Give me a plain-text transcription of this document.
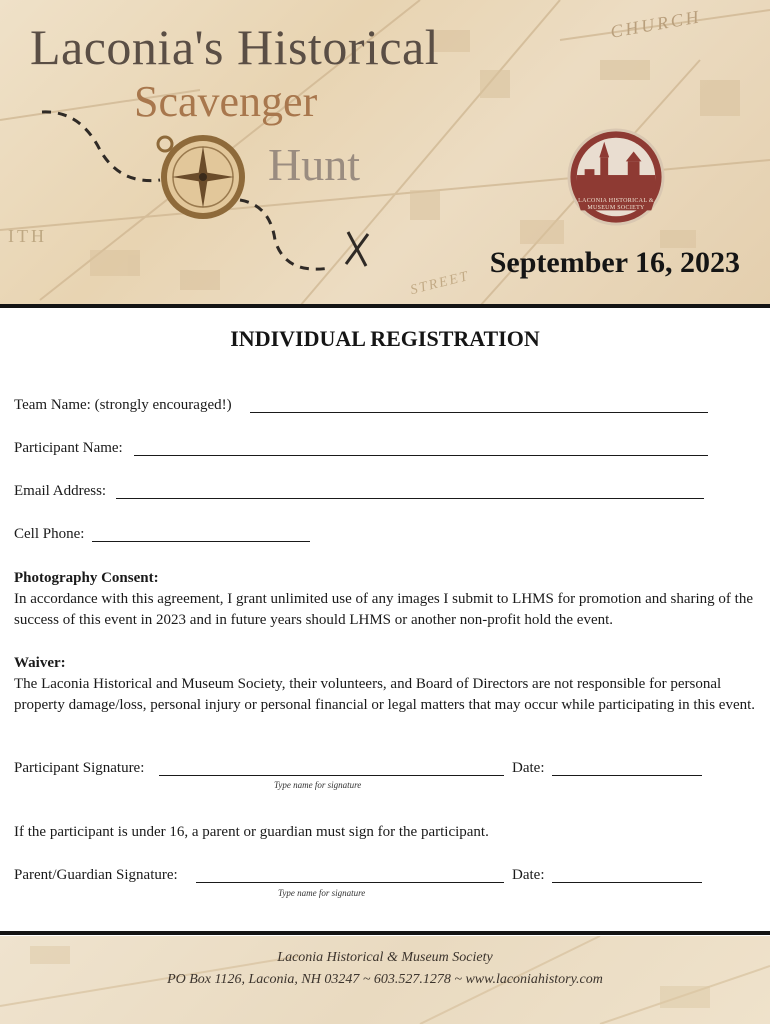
CHURCH
ITH
STREET
Laconia's Historical
Scavenger
Hunt
LACONIA HISTORICAL & MUSEUM SOCIETY
September 16, 2023
INDIVIDUAL REGISTRATION
Team Name: (strongly encouraged!)
Participant Name:
Email Address:
Cell Phone:
Photography Consent:
In accordance with this agreement, I grant unlimited use of any images I submit to LHMS for promotion and sharing of the success of this event in 2023 and in future years should LHMS or another non-profit hold the event.
Waiver:
The Laconia Historical and Museum Society, their volunteers, and Board of Directors are not responsible for personal property damage/loss, personal injury or personal financial or legal matters that may occur while participating in this event.
Participant Signature:	Date:
Type name for signature
If the participant is under 16, a parent or guardian must sign for the participant.
Parent/Guardian Signature:	Date:
Type name for signature

Laconia Historical & Museum Society

PO Box 1126, Laconia, NH 03247 ~ 603.527.1278 ~ www.laconiahistory.com
